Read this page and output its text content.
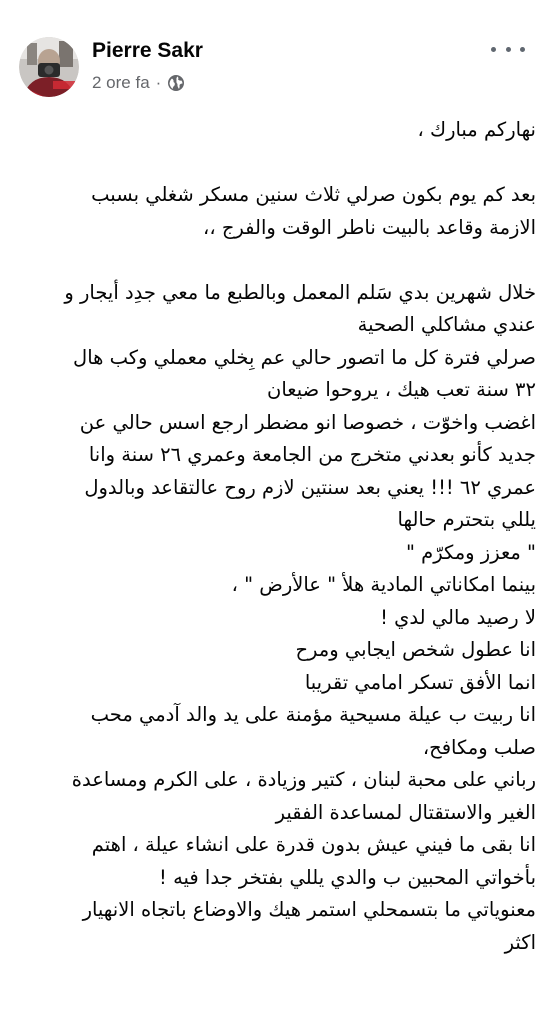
Pierre Sakr
2 ore fa ·
نهاركم مبارك ،
بعد كم يوم بكون صرلي ثلاث سنين مسكر شغلي بسبب
الازمة وقاعد بالبيت ناطر الوقت والفرج ،،
خلال شهرين بدي سَلم المعمل وبالطبع ما معي جدِد أيجار و
عندي مشاكلي الصحية
صرلي فترة كل ما اتصور حالي عم بِخلي معملي وكب هال
٣٢ سنة تعب هيك ، يروحوا ضيعان
اغضب واخوّت ، خصوصا انو مضطر ارجع اسس حالي عن
جديد كأنو بعدني متخرج من الجامعة وعمري ٢٦ سنة وانا
عمري ٦٢ !!! يعني بعد سنتين لازم روح عالتقاعد وبالدول
يللي بتحترم حالها
" معزز ومكرّم "
بينما امكاناتي المادية هلأ " عالأرض " ،
لا رصيد مالي لدي !
انا عطول شخص ايجابي ومرح
انما الأفق تسكر امامي تقريبا
انا ربيت ب عيلة مسيحية مؤمنة على يد والد آدمي محب
صلب ومكافح،
رباني على محبة لبنان ، كتير وزيادة ، على الكرم ومساعدة
الغير والاستقتال لمساعدة الفقير
انا بقى ما فيني عيش بدون قدرة على انشاء عيلة ، اهتم
بأخواتي المحبين ب والدي يللي بفتخر جدا فيه !
معنوياتي ما بتسمحلي استمر هيك والاوضاع باتجاه الانهيار
اكثر
